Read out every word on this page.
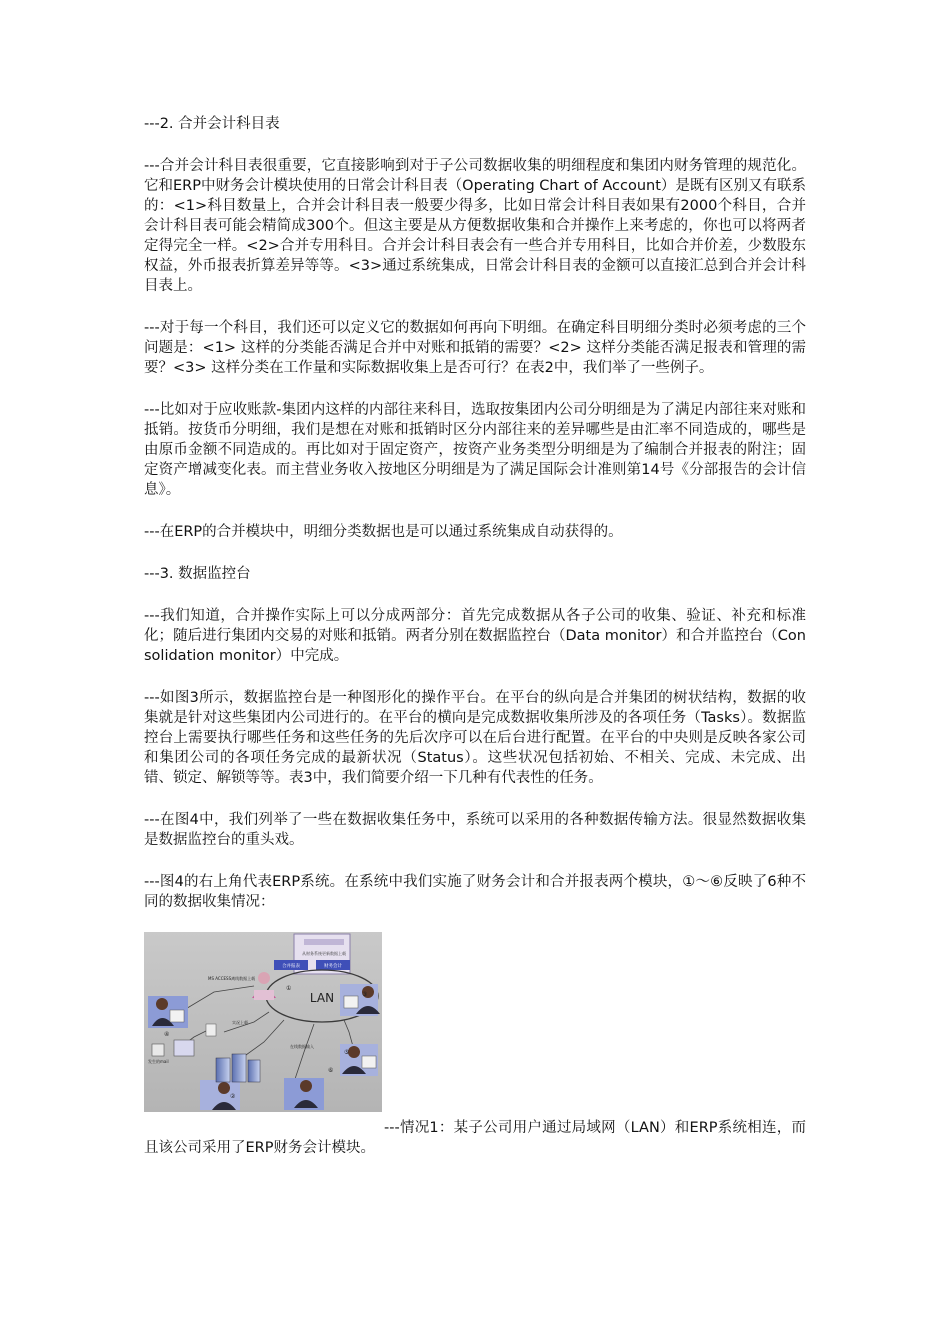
---2. 合并会计科目表

---合并会计科目表很重要，它直接影响到对于子公司数据收集的明细程度和集团内财务管理的规范化。它和ERP中财务会计模块使用的日常会计科目表（Operating Chart of Account）是既有区别又有联系的：<1>科目数量上，合并会计科目表一般要少得多，比如日常会计科目表如果有2000个科目，合并会计科目表可能会精简成300个。但这主要是从方便数据收集和合并操作上来考虑的，你也可以将两者定得完全一样。<2>合并专用科目。合并会计科目表会有一些合并专用科目，比如合并价差，少数股东权益，外币报表折算差异等等。<3>通过系统集成，日常会计科目表的金额可以直接汇总到合并会计科目表上。

---对于每一个科目，我们还可以定义它的数据如何再向下明细。在确定科目明细分类时必须考虑的三个问题是：<1> 这样的分类能否满足合并中对账和抵销的需要？<2> 这样分类能否满足报表和管理的需要？<3> 这样分类在工作量和实际数据收集上是否可行？在表2中，我们举了一些例子。

---比如对于应收账款-集团内这样的内部往来科目，选取按集团内公司分明细是为了满足内部往来对账和抵销。按货币分明细，我们是想在对账和抵销时区分内部往来的差异哪些是由汇率不同造成的，哪些是由原币金额不同造成的。再比如对于固定资产，按资产业务类型分明细是为了编制合并报表的附注；固定资产增减变化表。而主营业务收入按地区分明细是为了满足国际会计准则第14号《分部报告的会计信息》。

---在ERP的合并模块中，明细分类数据也是可以通过系统集成自动获得的。

---3. 数据监控台

---我们知道，合并操作实际上可以分成两部分：首先完成数据从各子公司的收集、验证、补充和标准化；随后进行集团内交易的对账和抵销。两者分别在数据监控台（Data monitor）和合并监控台（Consolidation monitor）中完成。

---如图3所示，数据监控台是一种图形化的操作平台。在平台的纵向是合并集团的树状结构，数据的收集就是针对这些集团内公司进行的。在平台的横向是完成数据收集所涉及的各项任务（Tasks）。数据监控台上需要执行哪些任务和这些任务的先后次序可以在后台进行配置。在平台的中央则是反映各家公司和集团公司的各项任务完成的最新状况（Status）。这些状况包括初始、不相关、完成、未完成、出错、锁定、解锁等等。表3中，我们简要介绍一下几种有代表性的任务。

---在图4中，我们列举了一些在数据收集任务中，系统可以采用的各种数据传输方法。很显然数据收集是数据监控台的重头戏。

---图4的右上角代表ERP系统。在系统中我们实施了财务会计和合并报表两个模块，①～⑥反映了6种不同的数据收集情况：

从财务系统更新数据上载
合并报表	财务会计
LAN
MS ACCESS离线数据上载
实况上载
在线数据输入
发生的mail
①
②
③
④
⑤
⑥
---情况1：某子公司用户通过局域网（LAN）和ERP系统相连，而且该公司采用了ERP财务会计模块。
